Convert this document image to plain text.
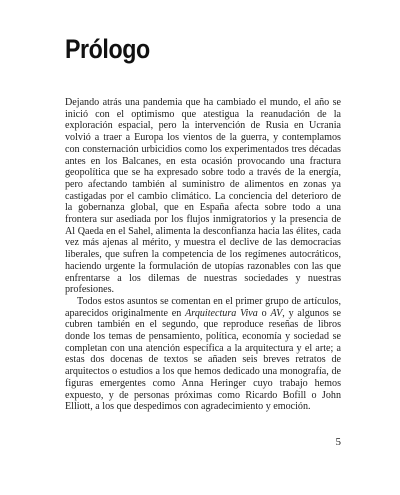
Prólogo

Dejando atrás una pandemia que ha cambiado el mundo, el año se inició con el optimismo que atestigua la reanudación de la exploración espacial, pero la intervención de Rusia en Ucrania volvió a traer a Europa los vientos de la guerra, y contemplamos con consternación urbicidios como los experimentados tres décadas antes en los Balcanes, en esta ocasión provocando una fractura geopolítica que se ha expresado sobre todo a través de la energía, pero afectando también al suministro de alimentos en zonas ya castigadas por el cambio climático. La conciencia del deterioro de la gobernanza global, que en España afecta sobre todo a una frontera sur asediada por los flujos inmigratorios y la presencia de Al Qaeda en el Sahel, alimenta la desconfianza hacia las élites, cada vez más ajenas al mérito, y muestra el declive de las democracias liberales, que sufren la competencia de los regímenes autocráticos, haciendo urgente la formulación de utopías razonables con las que enfrentarse a los dilemas de nuestras sociedades y nuestras profesiones.

Todos estos asuntos se comentan en el primer grupo de artículos, aparecidos originalmente en Arquitectura Viva o AV, y algunos se cubren también en el segundo, que reproduce reseñas de libros donde los temas de pensamiento, política, economía y sociedad se completan con una atención específica a la arquitectura y el arte; a estas dos docenas de textos se añaden seis breves retratos de arquitectos o estudios a los que hemos dedicado una monografía, de figuras emergentes como Anna Heringer cuyo trabajo hemos expuesto, y de personas próximas como Ricardo Bofill o John Elliott, a los que despedimos con agradecimiento y emoción.

5
